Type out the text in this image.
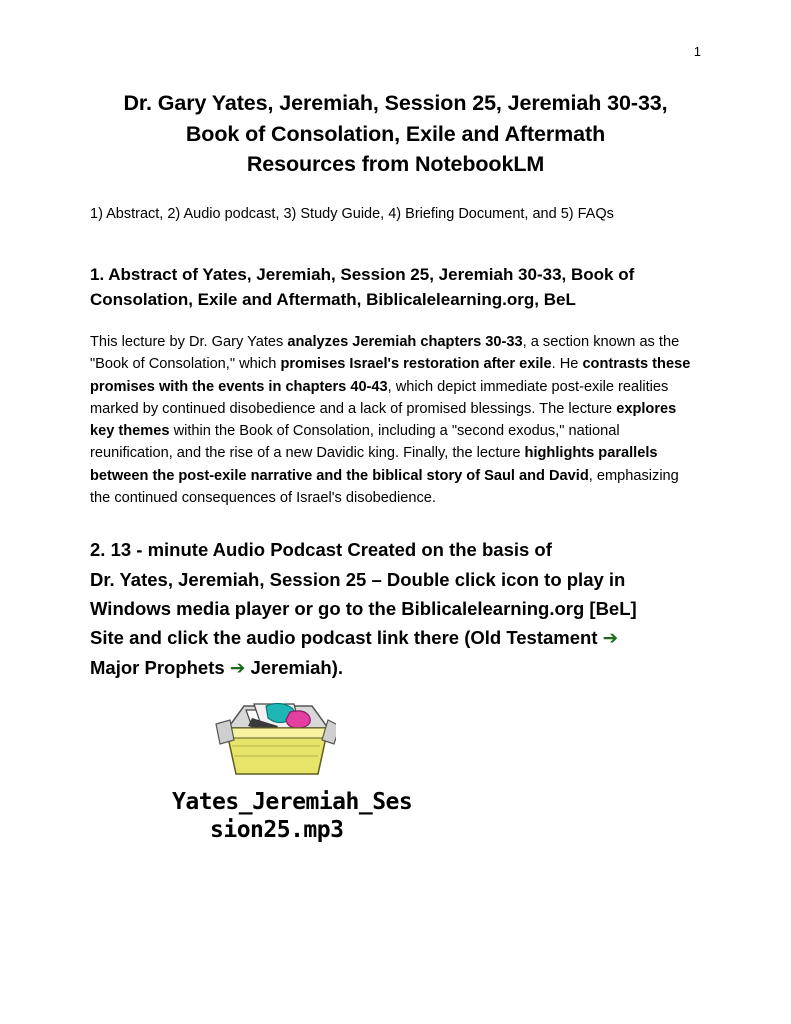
1
Dr. Gary Yates, Jeremiah, Session 25, Jeremiah 30-33,
Book of Consolation, Exile and Aftermath
Resources from NotebookLM
1) Abstract, 2) Audio podcast, 3) Study Guide, 4) Briefing Document, and 5) FAQs
1. Abstract of Yates, Jeremiah, Session 25, Jeremiah 30-33, Book of
Consolation, Exile and Aftermath, Biblicalelearning.org, BeL

This lecture by Dr. Gary Yates analyzes Jeremiah chapters 30-33, a section known as the "Book of Consolation," which promises Israel's restoration after exile. He contrasts these promises with the events in chapters 40-43, which depict immediate post-exile realities marked by continued disobedience and a lack of promised blessings. The lecture explores key themes within the Book of Consolation, including a "second exodus," national reunification, and the rise of a new Davidic king. Finally, the lecture highlights parallels between the post-exile narrative and the biblical story of Saul and David, emphasizing the continued consequences of Israel's disobedience.

2. 13 - minute Audio Podcast Created on the basis of
Dr. Yates, Jeremiah, Session 25 – Double click icon to play in
Windows media player or go to the Biblicalelearning.org [BeL]
Site and click the audio podcast link there (Old Testament ➔
Major Prophets ➔ Jeremiah).
Yates_Jeremiah_Ses
sion25.mp3
